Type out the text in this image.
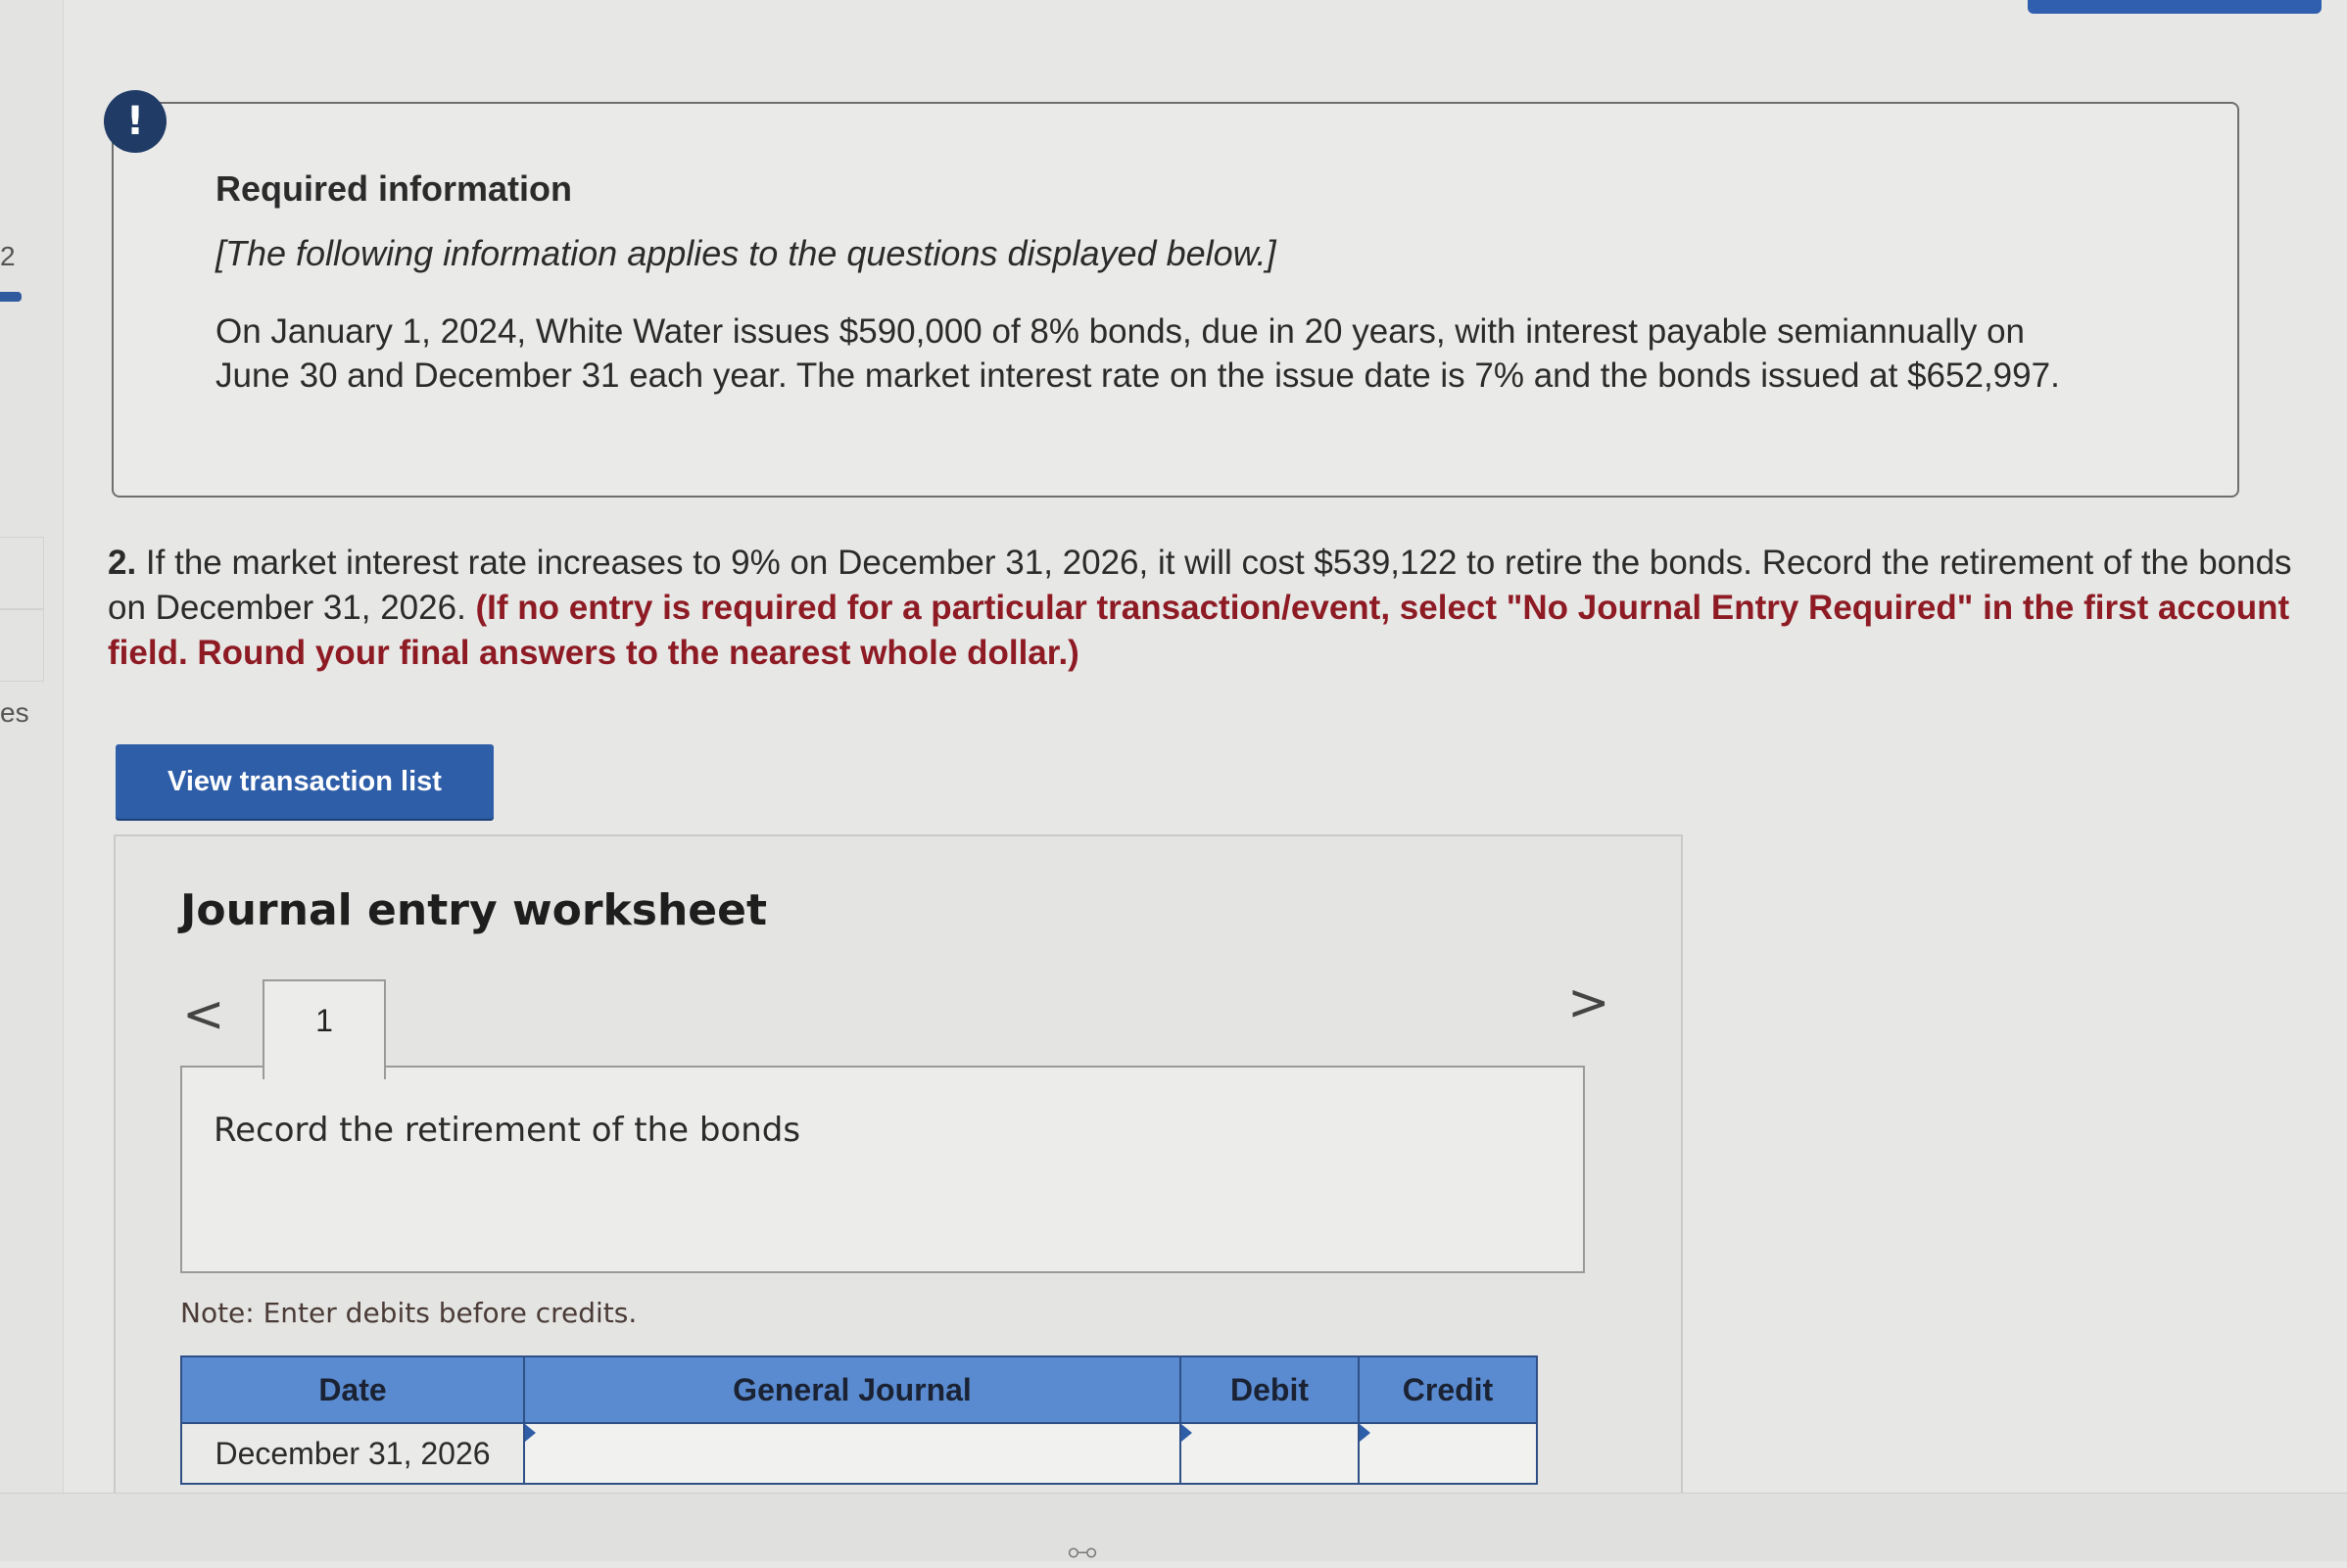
2
es
!
Required information
[The following information applies to the questions displayed below.]
On January 1, 2024, White Water issues $590,000 of 8% bonds, due in 20 years, with interest payable semiannually on June 30 and December 31 each year. The market interest rate on the issue date is 7% and the bonds issued at $652,997.
2. If the market interest rate increases to 9% on December 31, 2026, it will cost $539,122 to retire the bonds. Record the retirement of the bonds on December 31, 2026. (If no entry is required for a particular transaction/event, select "No Journal Entry Required" in the first account field. Round your final answers to the nearest whole dollar.)
View transaction list
Journal entry worksheet
<	>
Record the retirement of the bonds
1
Note: Enter debits before credits.
Date	General Journal	Debit	Credit
December 31, 2026			
⧟
